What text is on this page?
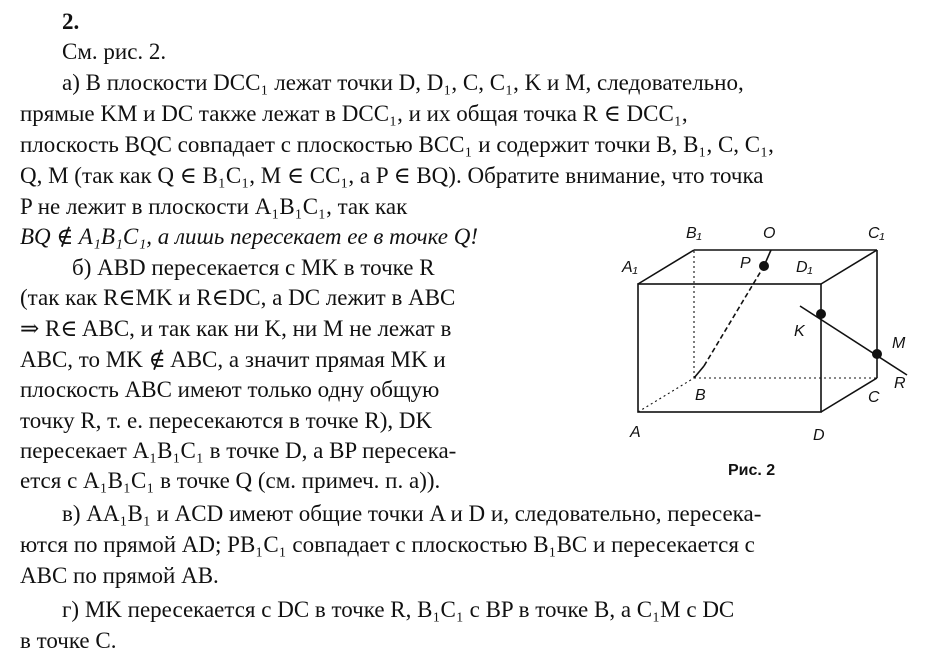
2.
См. рис. 2.
а) В плоскости DCC₁ лежат точки D, D₁, C, C₁, K и M, следовательно,
прямые KM и DC также лежат в DCC₁, и их общая точка R ∈ DCC₁,
плоскость BQC совпадает с плоскостью BCC₁ и содержит точки B, B₁, C, C₁,
Q, M (так как Q ∈ B₁C₁, M ∈ CC₁, а P ∈ BQ). Обратите внимание, что точка
P не лежит в плоскости A₁B₁C₁, так как
BQ ∉ A₁B₁C₁, а лишь пересекает ее в точке Q!
б) ABD пересекается с MK в точке R
(так как R∈MK и R∈DC, а DC лежит в ABC
⇒ R∈ ABC, и так как ни K, ни M не лежат в
ABC, то MK ∉ ABC, а значит прямая MK и
плоскость ABC имеют только одну общую
точку R, т. е. пересекаются в точке R), DK
пересекает A₁B₁C₁ в точке D, а BP пересека-
ется с A₁B₁C₁ в точке Q (см. примеч. п. а)).
в) AA₁B₁ и ACD имеют общие точки A и D и, следовательно, пересека-
ются по прямой AD; PB₁C₁ совпадает с плоскостью B₁BC и пересекается с
ABC по прямой AB.
г) MK пересекается с DC в точке R, B₁C₁ с BP в точке B, а C₁M с DC
в точке C.
A₁
B₁	O	C₁
P	D₁
K
M
R
B	C
A	D
Рис. 2
